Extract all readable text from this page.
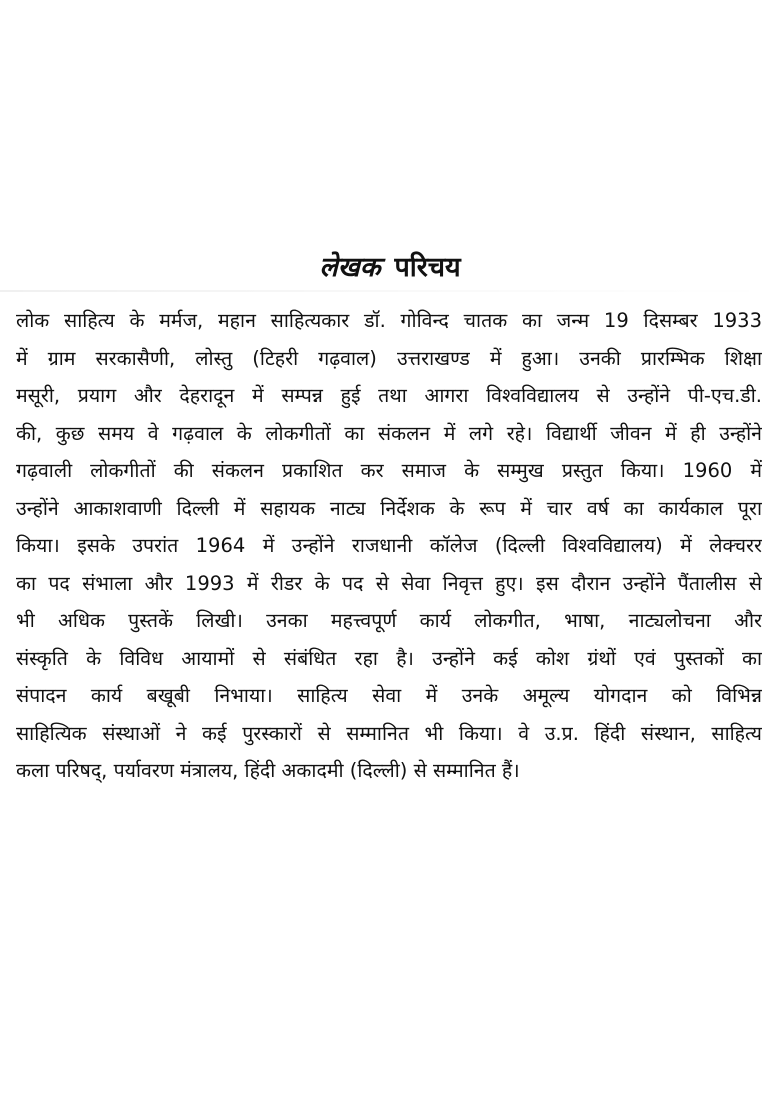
लेखक परिचय
लोक साहित्य के मर्मज, महान साहित्यकार डॉ. गोविन्द चातक का जन्म 19 दिसम्बर 1933
में ग्राम सरकासैणी, लोस्तु (टिहरी गढ़वाल) उत्तराखण्ड में हुआ। उनकी प्रारम्भिक शिक्षा
मसूरी, प्रयाग और देहरादून में सम्पन्न हुई तथा आगरा विश्वविद्यालय से उन्होंने पी-एच.डी.
की, कुछ समय वे गढ़वाल के लोकगीतों का संकलन में लगे रहे। विद्यार्थी जीवन में ही उन्होंने
गढ़वाली लोकगीतों की संकलन प्रकाशित कर समाज के सम्मुख प्रस्तुत किया। 1960 में
उन्होंने आकाशवाणी दिल्ली में सहायक नाट्य निर्देशक के रूप में चार वर्ष का कार्यकाल पूरा
किया। इसके उपरांत 1964 में उन्होंने राजधानी कॉलेज (दिल्ली विश्वविद्यालय) में लेक्चरर
का पद संभाला और 1993 में रीडर के पद से सेवा निवृत्त हुए। इस दौरान उन्होंने पैंतालीस से
भी अधिक पुस्तकें लिखी। उनका महत्त्वपूर्ण कार्य लोकगीत, भाषा, नाट्यलोचना और
संस्कृति के विविध आयामों से संबंधित रहा है। उन्होंने कई कोश ग्रंथों एवं पुस्तकों का
संपादन कार्य बखूबी निभाया। साहित्य सेवा में उनके अमूल्य योगदान को विभिन्न
साहित्यिक संस्थाओं ने कई पुरस्कारों से सम्मानित भी किया। वे उ.प्र. हिंदी संस्थान, साहित्य
कला परिषद्, पर्यावरण मंत्रालय, हिंदी अकादमी (दिल्ली) से सम्मानित हैं।
